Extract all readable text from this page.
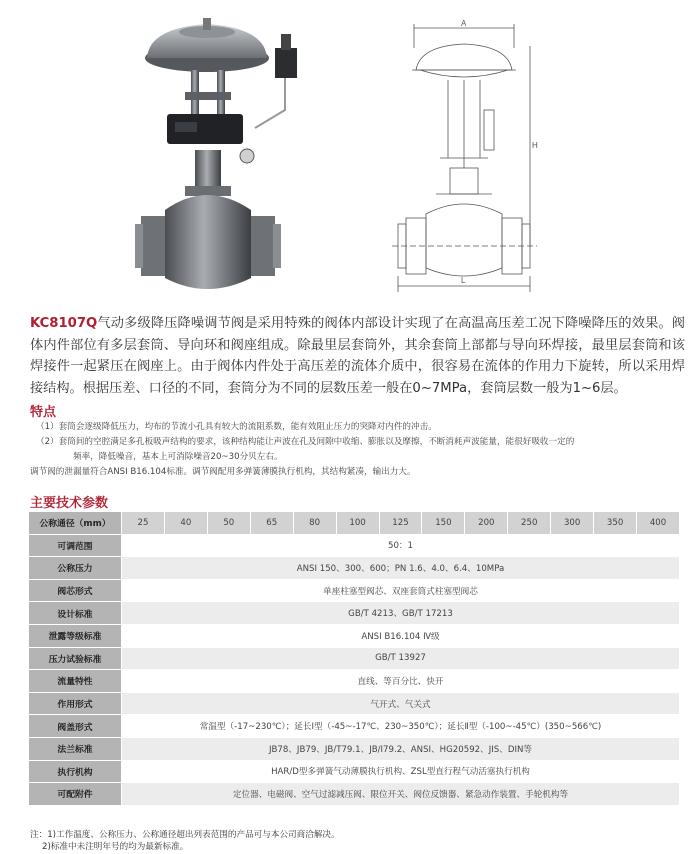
A
H
L
KC8107Q气动多级降压降噪调节阀是采用特殊的阀体内部设计实现了在高温高压差工况下降噪降压的效果。阀体内件部位有多层套筒、导向环和阀座组成。除最里层套筒外，其余套筒上部都与导向环焊接，最里层套筒和该焊接件一起紧压在阀座上。由于阀体内件处于高压差的流体介质中，很容易在流体的作用力下旋转，所以采用焊接结构。根据压差、口径的不同，套筒分为不同的层数压差一般在0~7MPa，套筒层数一般为1~6层。
特点

（1）套筒会逐级降低压力，均布的节流小孔具有较大的流阻系数，能有效阻止压力的突降对内件的冲击。

（2）套筒间的空腔满足多孔板吸声结构的要求，该种结构能让声波在孔及间隙中收缩、膨胀以及摩擦，不断消耗声波能量，能很好吸收一定的

频率，降低噪音，基本上可消除噪音20~30分贝左右。

调节阀的泄漏量符合ANSI B16.104标准。调节阀配用多弹簧薄膜执行机构，其结构紧凑，输出力大。

主要技术参数
公称通径（mm）	25	40	50	65	80	100	125	150	200	250	300	350	400
可调范围	50：1												
公称压力	ANSI 150、300、600；PN 1.6、4.0、6.4、10MPa												
阀芯形式	单座柱塞型阀芯、双座套筒式柱塞型阀芯												
设计标准	GB/T 4213、GB/T 17213												
泄露等级标准	ANSI B16.104 Ⅳ级												
压力试验标准	GB/T 13927												
流量特性	直线、等百分比、快开												
作用形式	气开式、气关式												
阀盖形式	常温型（-17~230℃）；延长Ⅰ型（-45~-17℃、230~350℃）；延长Ⅱ型（-100~-45℃）(350~566℃)												
法兰标准	JB78、JB79、JB/T79.1、JB/I79.2、ANSI、HG20592、JIS、DIN等												
执行机构	HAR/D型多弹簧气动薄膜执行机构、ZSL型直行程气动活塞执行机构												
可配附件	定位器、电磁阀、空气过滤减压阀、限位开关、阀位反馈器、紧急动作装置、手轮机构等												

注：1)工作温度、公称压力、公称通径超出列表范围的产品可与本公司商洽解决。

2)标准中未注明年号的均为最新标准。
